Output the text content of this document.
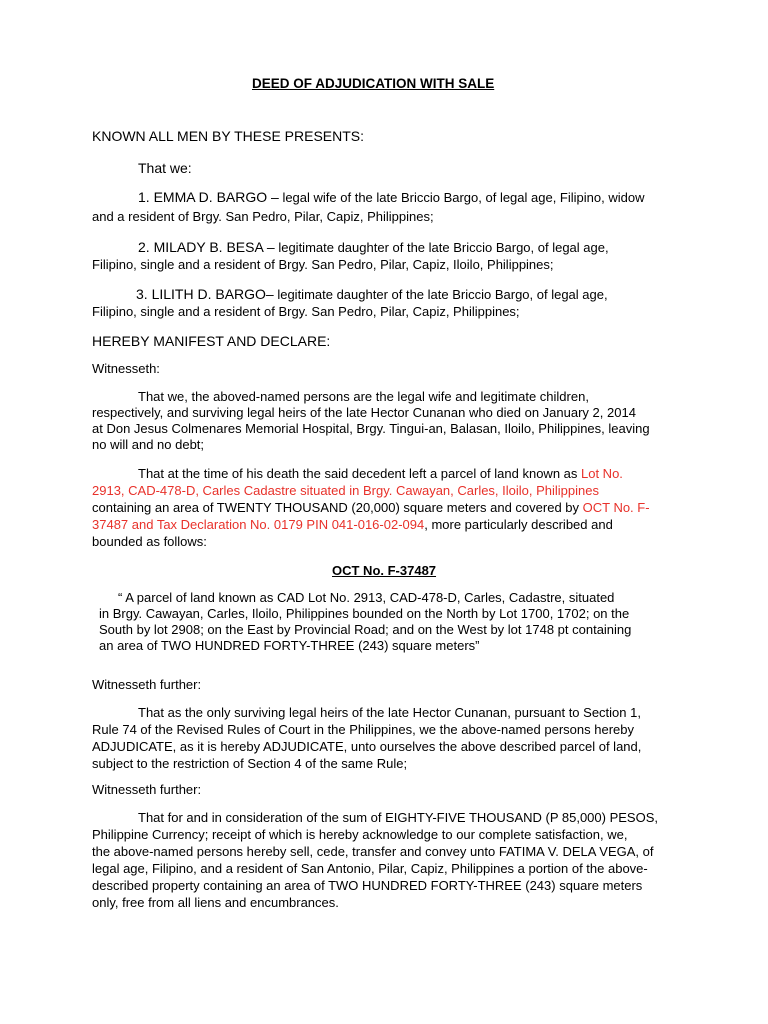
DEED OF ADJUDICATION WITH SALE
KNOWN ALL MEN BY THESE PRESENTS:
That we:
1. EMMA D. BARGO – legal wife of the late Briccio Bargo, of legal age, Filipino, widow
and a resident of Brgy. San Pedro, Pilar, Capiz, Philippines;
2. MILADY B. BESA – legitimate daughter of the late Briccio Bargo, of legal age,
Filipino, single and a resident of Brgy. San Pedro, Pilar, Capiz, Iloilo, Philippines;
3. LILITH D. BARGO– legitimate daughter of the late Briccio Bargo, of legal age,
Filipino, single and a resident of Brgy. San Pedro, Pilar, Capiz, Philippines;
HEREBY MANIFEST AND DECLARE:
Witnesseth:
That we, the aboved-named persons are the legal wife and legitimate children,
respectively, and surviving legal heirs of the late Hector Cunanan who died on January 2, 2014
at Don Jesus Colmenares Memorial Hospital, Brgy. Tingui-an, Balasan, Iloilo, Philippines, leaving
no will and no debt;
That at the time of his death the said decedent left a parcel of land known as Lot No.
2913, CAD-478-D, Carles Cadastre situated in Brgy. Cawayan, Carles, Iloilo, Philippines
containing an area of TWENTY THOUSAND (20,000) square meters and covered by OCT No. F-
37487 and Tax Declaration No. 0179 PIN 041-016-02-094, more particularly described and
bounded as follows:
OCT No. F-37487
“ A parcel of land known as CAD Lot No. 2913, CAD-478-D, Carles, Cadastre, situated
in Brgy. Cawayan, Carles, Iloilo, Philippines bounded on the North by Lot 1700, 1702; on the
South by lot 2908; on the East by Provincial Road; and on the West by lot 1748 pt containing
an area of TWO HUNDRED FORTY-THREE (243) square meters”
Witnesseth further:
That as the only surviving legal heirs of the late Hector Cunanan, pursuant to Section 1,
Rule 74 of the Revised Rules of Court in the Philippines, we the above-named persons hereby
ADJUDICATE, as it is hereby ADJUDICATE, unto ourselves the above described parcel of land,
subject to the restriction of Section 4 of the same Rule;
Witnesseth further:
That for and in consideration of the sum of EIGHTY-FIVE THOUSAND (P 85,000) PESOS,
Philippine Currency; receipt of which is hereby acknowledge to our complete satisfaction, we,
the above-named persons hereby sell, cede, transfer and convey unto FATIMA V. DELA VEGA, of
legal age, Filipino, and a resident of San Antonio, Pilar, Capiz, Philippines a portion of the above-
described property containing an area of TWO HUNDRED FORTY-THREE (243) square meters
only, free from all liens and encumbrances.
